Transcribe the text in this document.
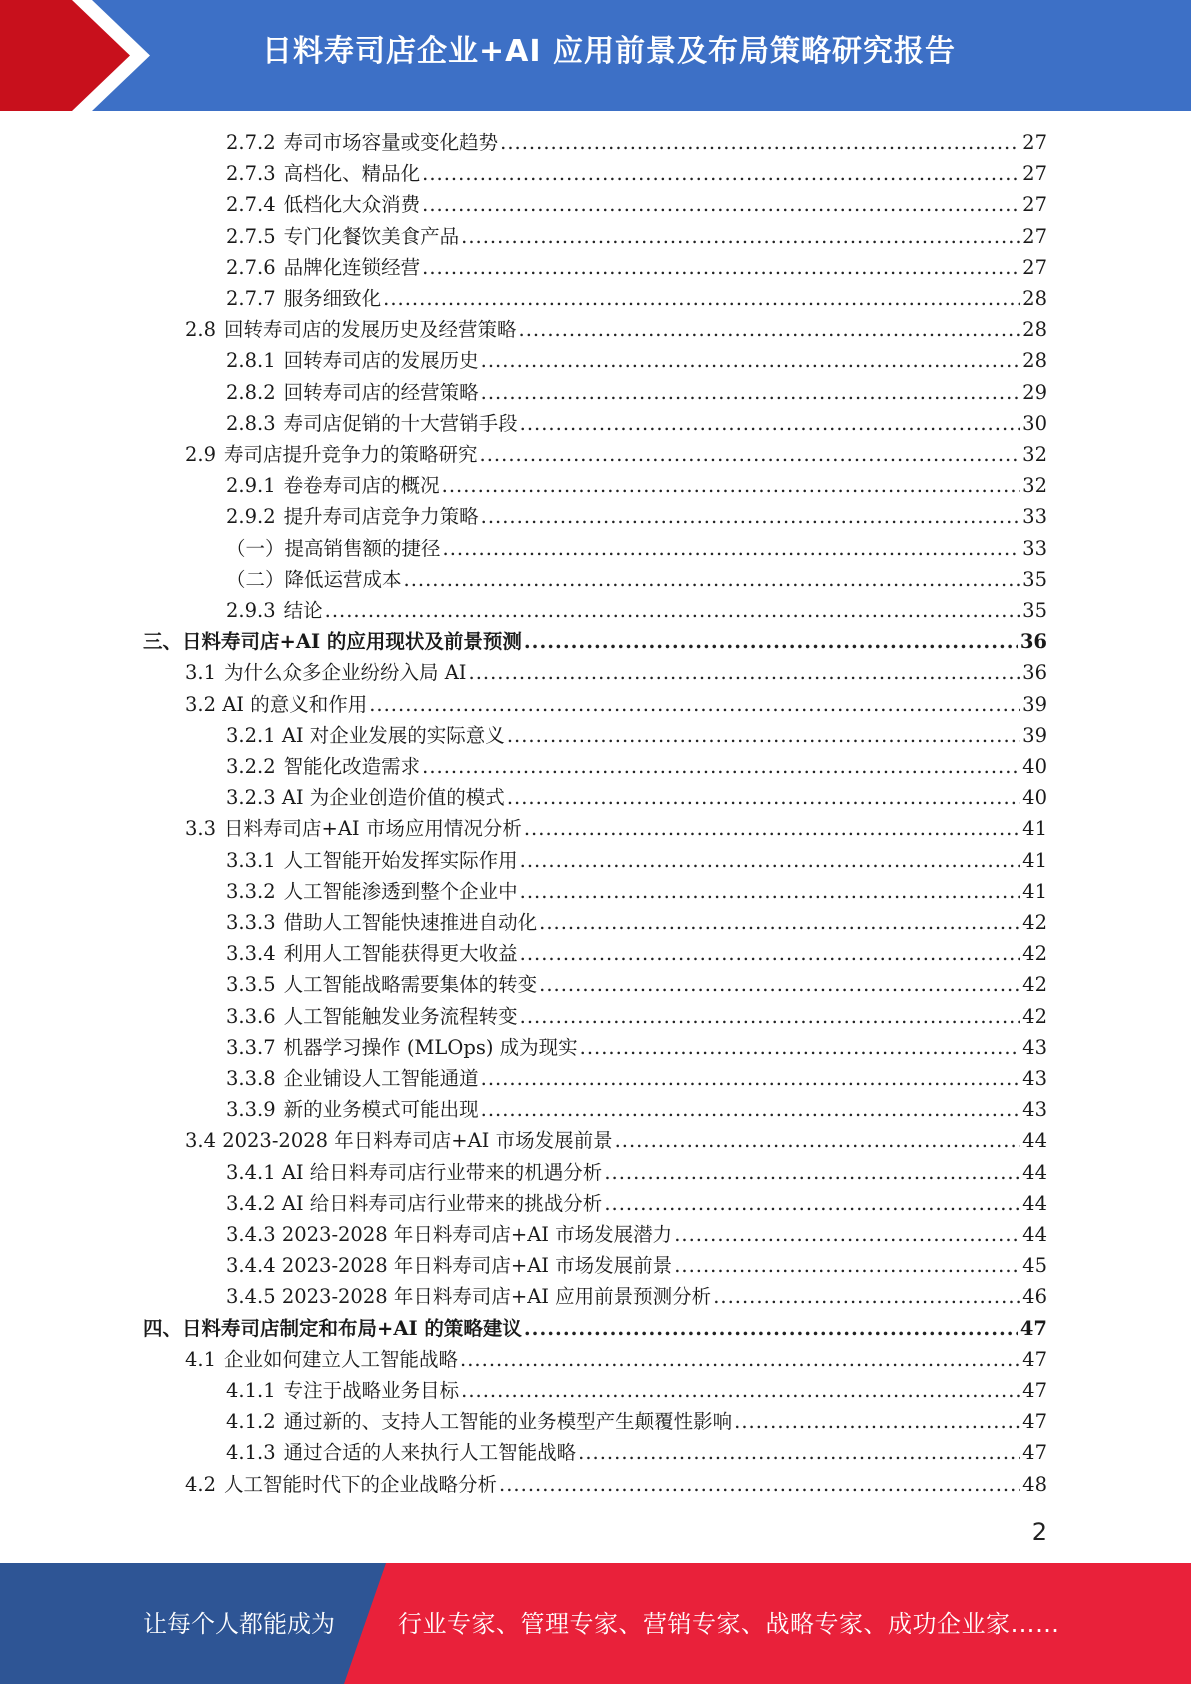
日料寿司店企业+AI 应用前景及布局策略研究报告
2.7.2 寿司市场容量或变化趋势 .....	27
2.7.3 高档化、精品化 .....	27
2.7.4 低档化大众消费 .....	27
2.7.5 专门化餐饮美食产品 .....	27
2.7.6 品牌化连锁经营 .....	27
2.7.7 服务细致化 .....	28
2.8 回转寿司店的发展历史及经营策略 .....	28
2.8.1 回转寿司店的发展历史 .....	28
2.8.2 回转寿司店的经营策略 .....	29
2.8.3 寿司店促销的十大营销手段 .....	30
2.9 寿司店提升竞争力的策略研究 .....	32
2.9.1 卷卷寿司店的概况 .....	32
2.9.2 提升寿司店竞争力策略 .....	33
（一）提高销售额的捷径 .....	33
（二）降低运营成本 .....	35
2.9.3 结论 .....	35
三、日料寿司店+AI 的应用现状及前景预测 .....	36
3.1 为什么众多企业纷纷入局 AI .....	36
3.2 AI 的意义和作用 .....	39
3.2.1 AI 对企业发展的实际意义 .....	39
3.2.2 智能化改造需求 .....	40
3.2.3 AI 为企业创造价值的模式 .....	40
3.3 日料寿司店+AI 市场应用情况分析 .....	41
3.3.1 人工智能开始发挥实际作用 .....	41
3.3.2 人工智能渗透到整个企业中 .....	41
3.3.3 借助人工智能快速推进自动化 .....	42
3.3.4 利用人工智能获得更大收益 .....	42
3.3.5 人工智能战略需要集体的转变 .....	42
3.3.6 人工智能触发业务流程转变 .....	42
3.3.7 机器学习操作 (MLOps) 成为现实 .....	43
3.3.8 企业铺设人工智能通道 .....	43
3.3.9 新的业务模式可能出现 .....	43
3.4 2023-2028 年日料寿司店+AI 市场发展前景 .....	44
3.4.1 AI 给日料寿司店行业带来的机遇分析 .....	44
3.4.2 AI 给日料寿司店行业带来的挑战分析 .....	44
3.4.3 2023-2028 年日料寿司店+AI 市场发展潜力 .....	44
3.4.4 2023-2028 年日料寿司店+AI 市场发展前景 .....	45
3.4.5 2023-2028 年日料寿司店+AI 应用前景预测分析 .....	46
四、日料寿司店制定和布局+AI 的策略建议 .....	47
4.1 企业如何建立人工智能战略 .....	47
4.1.1 专注于战略业务目标 .....	47
4.1.2 通过新的、支持人工智能的业务模型产生颠覆性影响 .....	47
4.1.3 通过合适的人来执行人工智能战略 .....	47
4.2 人工智能时代下的企业战略分析 .....	48
2
让每个人都能成为	行业专家、管理专家、营销专家、战略专家、成功企业家……
